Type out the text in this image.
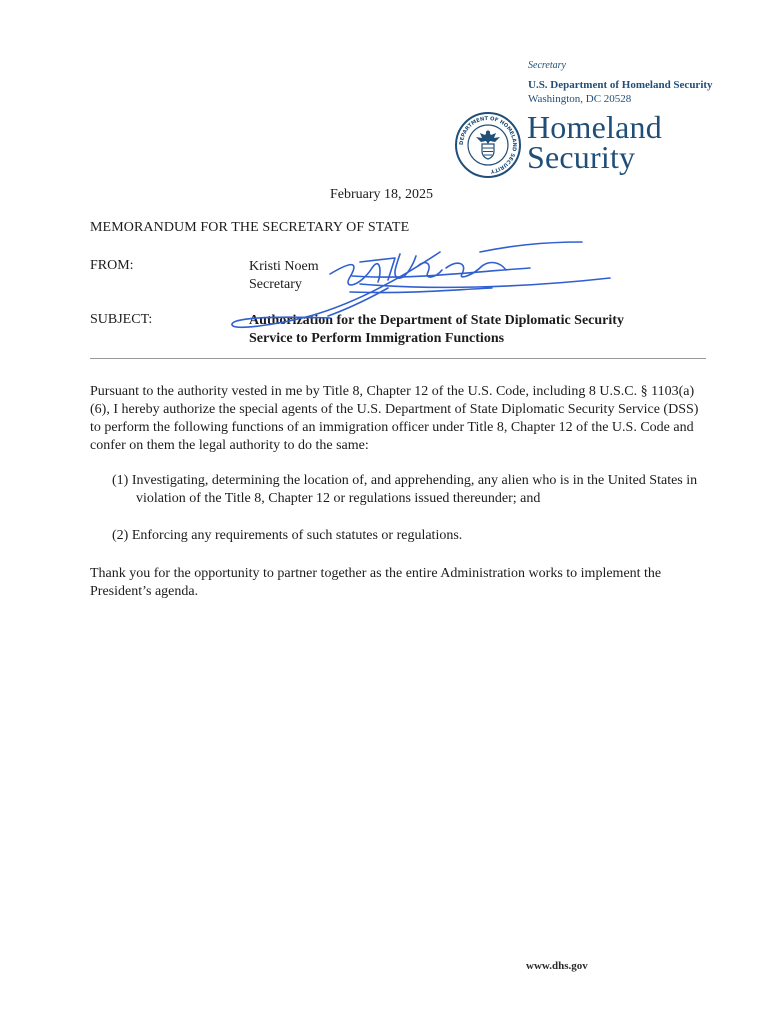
Secretary
U.S. Department of Homeland Security
Washington, DC 20528
DEPARTMENT OF HOMELAND SECURITY
Homeland
Security
February 18, 2025
MEMORANDUM FOR THE SECRETARY OF STATE
FROM:	Kristi Noem
Secretary
SUBJECT:	Authorization for the Department of State Diplomatic Security
Service to Perform Immigration Functions
Pursuant to the authority vested in me by Title 8, Chapter 12 of the U.S. Code, including 8 U.S.C. § 1103(a)(6), I hereby authorize the special agents of the U.S. Department of State Diplomatic Security Service (DSS) to perform the following functions of an immigration officer under Title 8, Chapter 12 of the U.S. Code and confer on them the legal authority to do the same:
(1) Investigating, determining the location of, and apprehending, any alien who is in the United States in violation of the Title 8, Chapter 12 or regulations issued thereunder; and
(2) Enforcing any requirements of such statutes or regulations.
Thank you for the opportunity to partner together as the entire Administration works to implement the President’s agenda.
www.dhs.gov
